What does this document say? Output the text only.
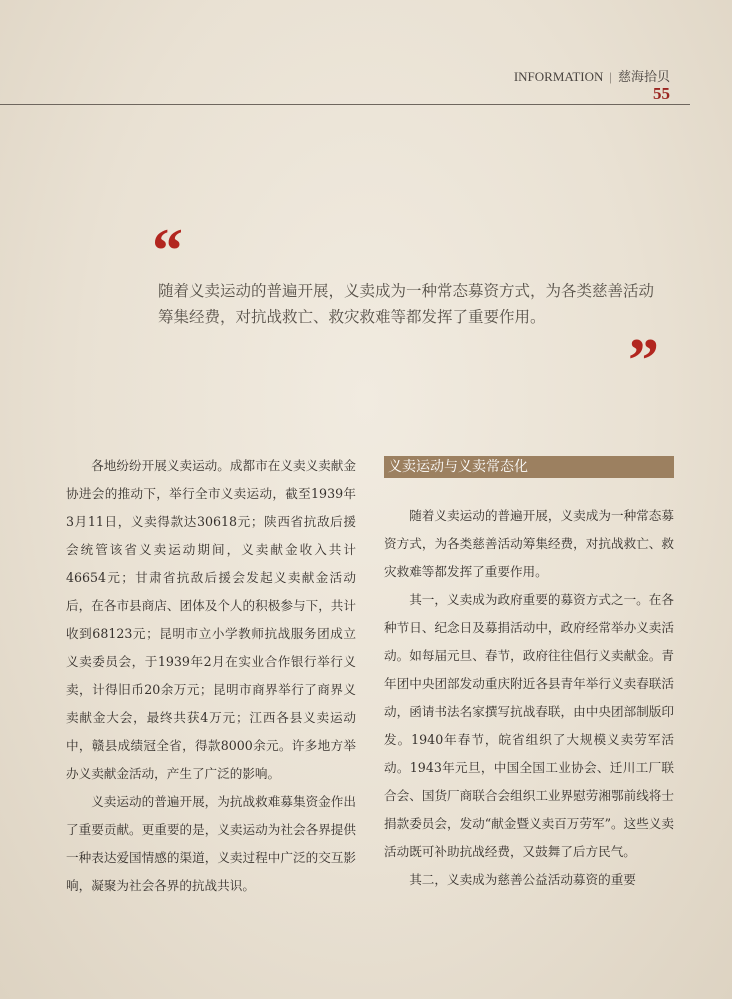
INFORMATION | 慈海拾贝
55
“
随着义卖运动的普遍开展，义卖成为一种常态募资方式，为各类慈善活动筹集经费，对抗战救亡、救灾救难等都发挥了重要作用。
”

各地纷纷开展义卖运动。成都市在义卖义卖献金协进会的推动下，举行全市义卖运动，截至1939年3月11日，义卖得款达30618元；陕西省抗敌后援会统管该省义卖运动期间，义卖献金收入共计46654元；甘肃省抗敌后援会发起义卖献金活动后，在各市县商店、团体及个人的积极参与下，共计收到68123元；昆明市立小学教师抗战服务团成立义卖委员会，于1939年2月在实业合作银行举行义卖，计得旧币20余万元；昆明市商界举行了商界义卖献金大会，最终共获4万元；江西各县义卖运动中，赣县成绩冠全省，得款8000余元。许多地方举办义卖献金活动，产生了广泛的影响。

义卖运动的普遍开展，为抗战救难募集资金作出了重要贡献。更重要的是，义卖运动为社会各界提供一种表达爱国情感的渠道，义卖过程中广泛的交互影响，凝聚为社会各界的抗战共识。

义卖运动与义卖常态化

随着义卖运动的普遍开展，义卖成为一种常态募资方式，为各类慈善活动筹集经费，对抗战救亡、救灾救难等都发挥了重要作用。

其一，义卖成为政府重要的募资方式之一。在各种节日、纪念日及募捐活动中，政府经常举办义卖活动。如每届元旦、春节，政府往往倡行义卖献金。青年团中央团部发动重庆附近各县青年举行义卖春联活动，函请书法名家撰写抗战春联，由中央团部制版印发。1940年春节，皖省组织了大规模义卖劳军活动。1943年元旦，中国全国工业协会、迁川工厂联合会、国货厂商联合会组织工业界慰劳湘鄂前线将士捐款委员会，发动“献金暨义卖百万劳军”。这些义卖活动既可补助抗战经费，又鼓舞了后方民气。

其二，义卖成为慈善公益活动募资的重要
